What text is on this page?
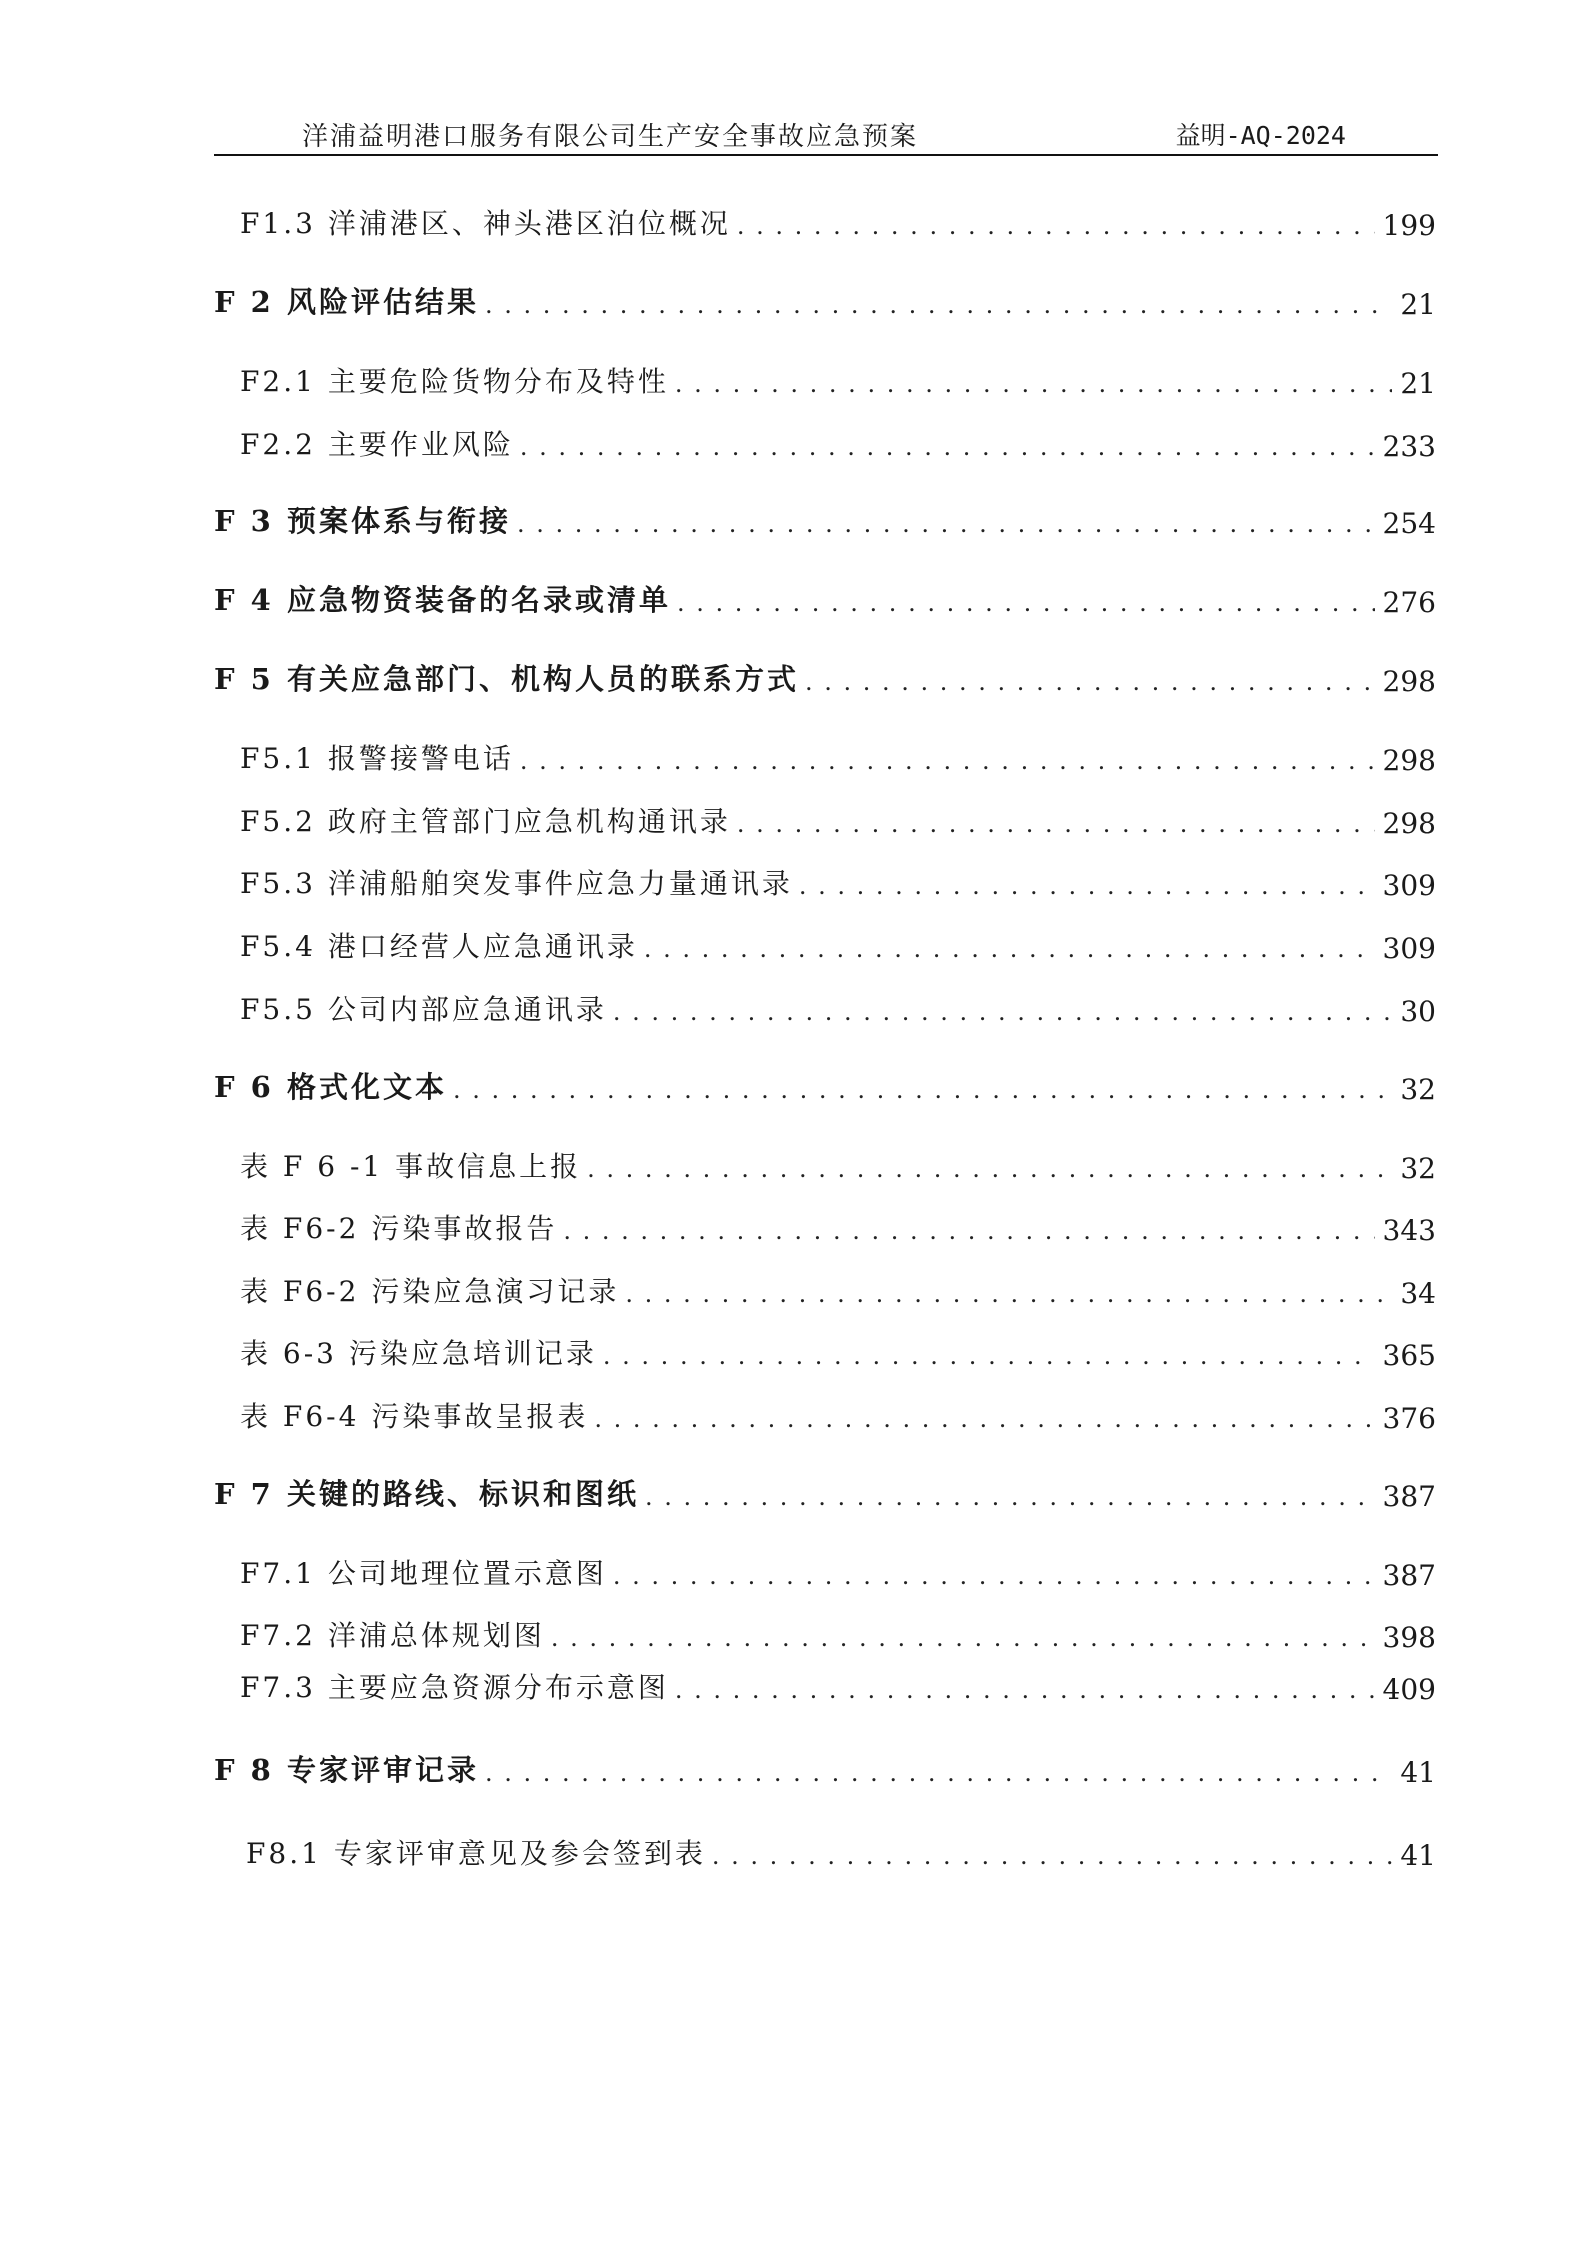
洋浦益明港口服务有限公司生产安全事故应急预案	益明-AQ-2024
F1.3 洋浦港区、神头港区泊位概况 . . .	199
F 2 风险评估结果 . . .	21
F2.1 主要危险货物分布及特性 . . .	21
F2.2 主要作业风险 . . .	233
F 3 预案体系与衔接 . . .	254
F 4 应急物资装备的名录或清单 . . .	276
F 5 有关应急部门、机构人员的联系方式 . . .	298
F5.1 报警接警电话 . . .	298
F5.2 政府主管部门应急机构通讯录 . . .	298
F5.3 洋浦船舶突发事件应急力量通讯录 . . .	309
F5.4 港口经营人应急通讯录 . . .	309
F5.5 公司内部应急通讯录 . . .	30
F 6 格式化文本 . . .	32
表 F 6 -1 事故信息上报 . . .	32
表 F6-2 污染事故报告 . . .	343
表 F6-2 污染应急演习记录 . . .	34
表 6-3 污染应急培训记录 . . .	365
表 F6-4 污染事故呈报表 . . .	376
F 7 关键的路线、标识和图纸 . . .	387
F7.1 公司地理位置示意图 . . .	387
F7.2 洋浦总体规划图 . . .	398
F7.3 主要应急资源分布示意图 . . .	409
F 8 专家评审记录 . . .	41
F8.1 专家评审意见及参会签到表 . . .	41
